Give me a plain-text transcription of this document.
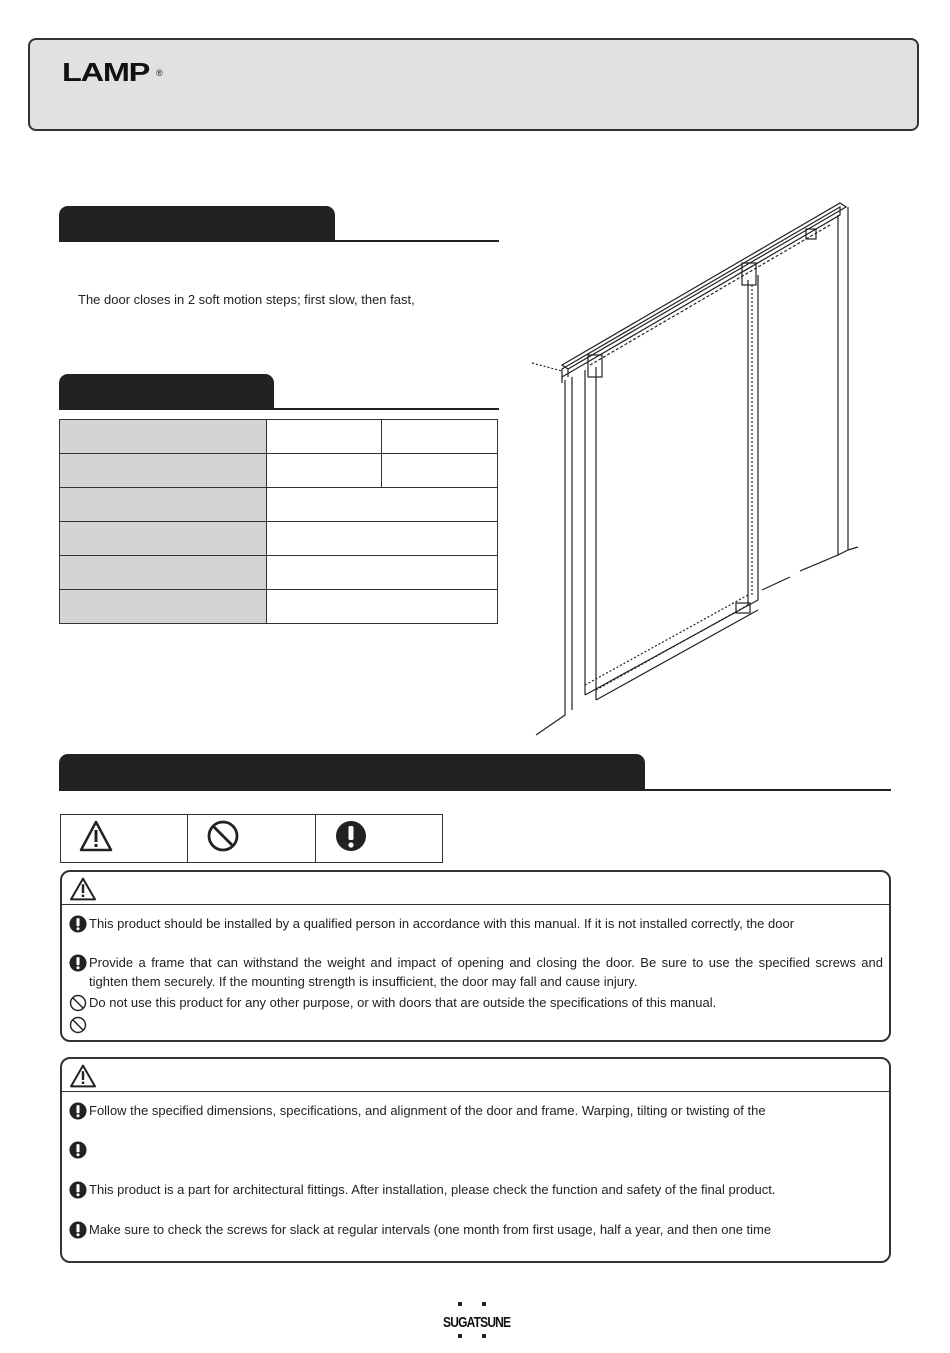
LAMP ®
The door closes in 2 soft motion steps; first slow, then fast,

This product should be installed by a qualified person in accordance with this manual. If it is not installed correctly, the door
Provide a frame that can withstand the weight and impact of opening and closing the door. Be sure to use the specified screws and tighten them securely. If the mounting strength is insufficient, the door may fall and cause injury.
Do not use this product for any other purpose, or with doors that are outside the specifications of this manual.
Follow the specified dimensions, specifications, and alignment of the door and frame. Warping, tilting or twisting of the
This product is a part for architectural fittings. After installation, please check the function and safety of the final product.
Make sure to check the screws for slack at regular intervals (one month from first usage, half a year, and then one time
SUGATSUNE
